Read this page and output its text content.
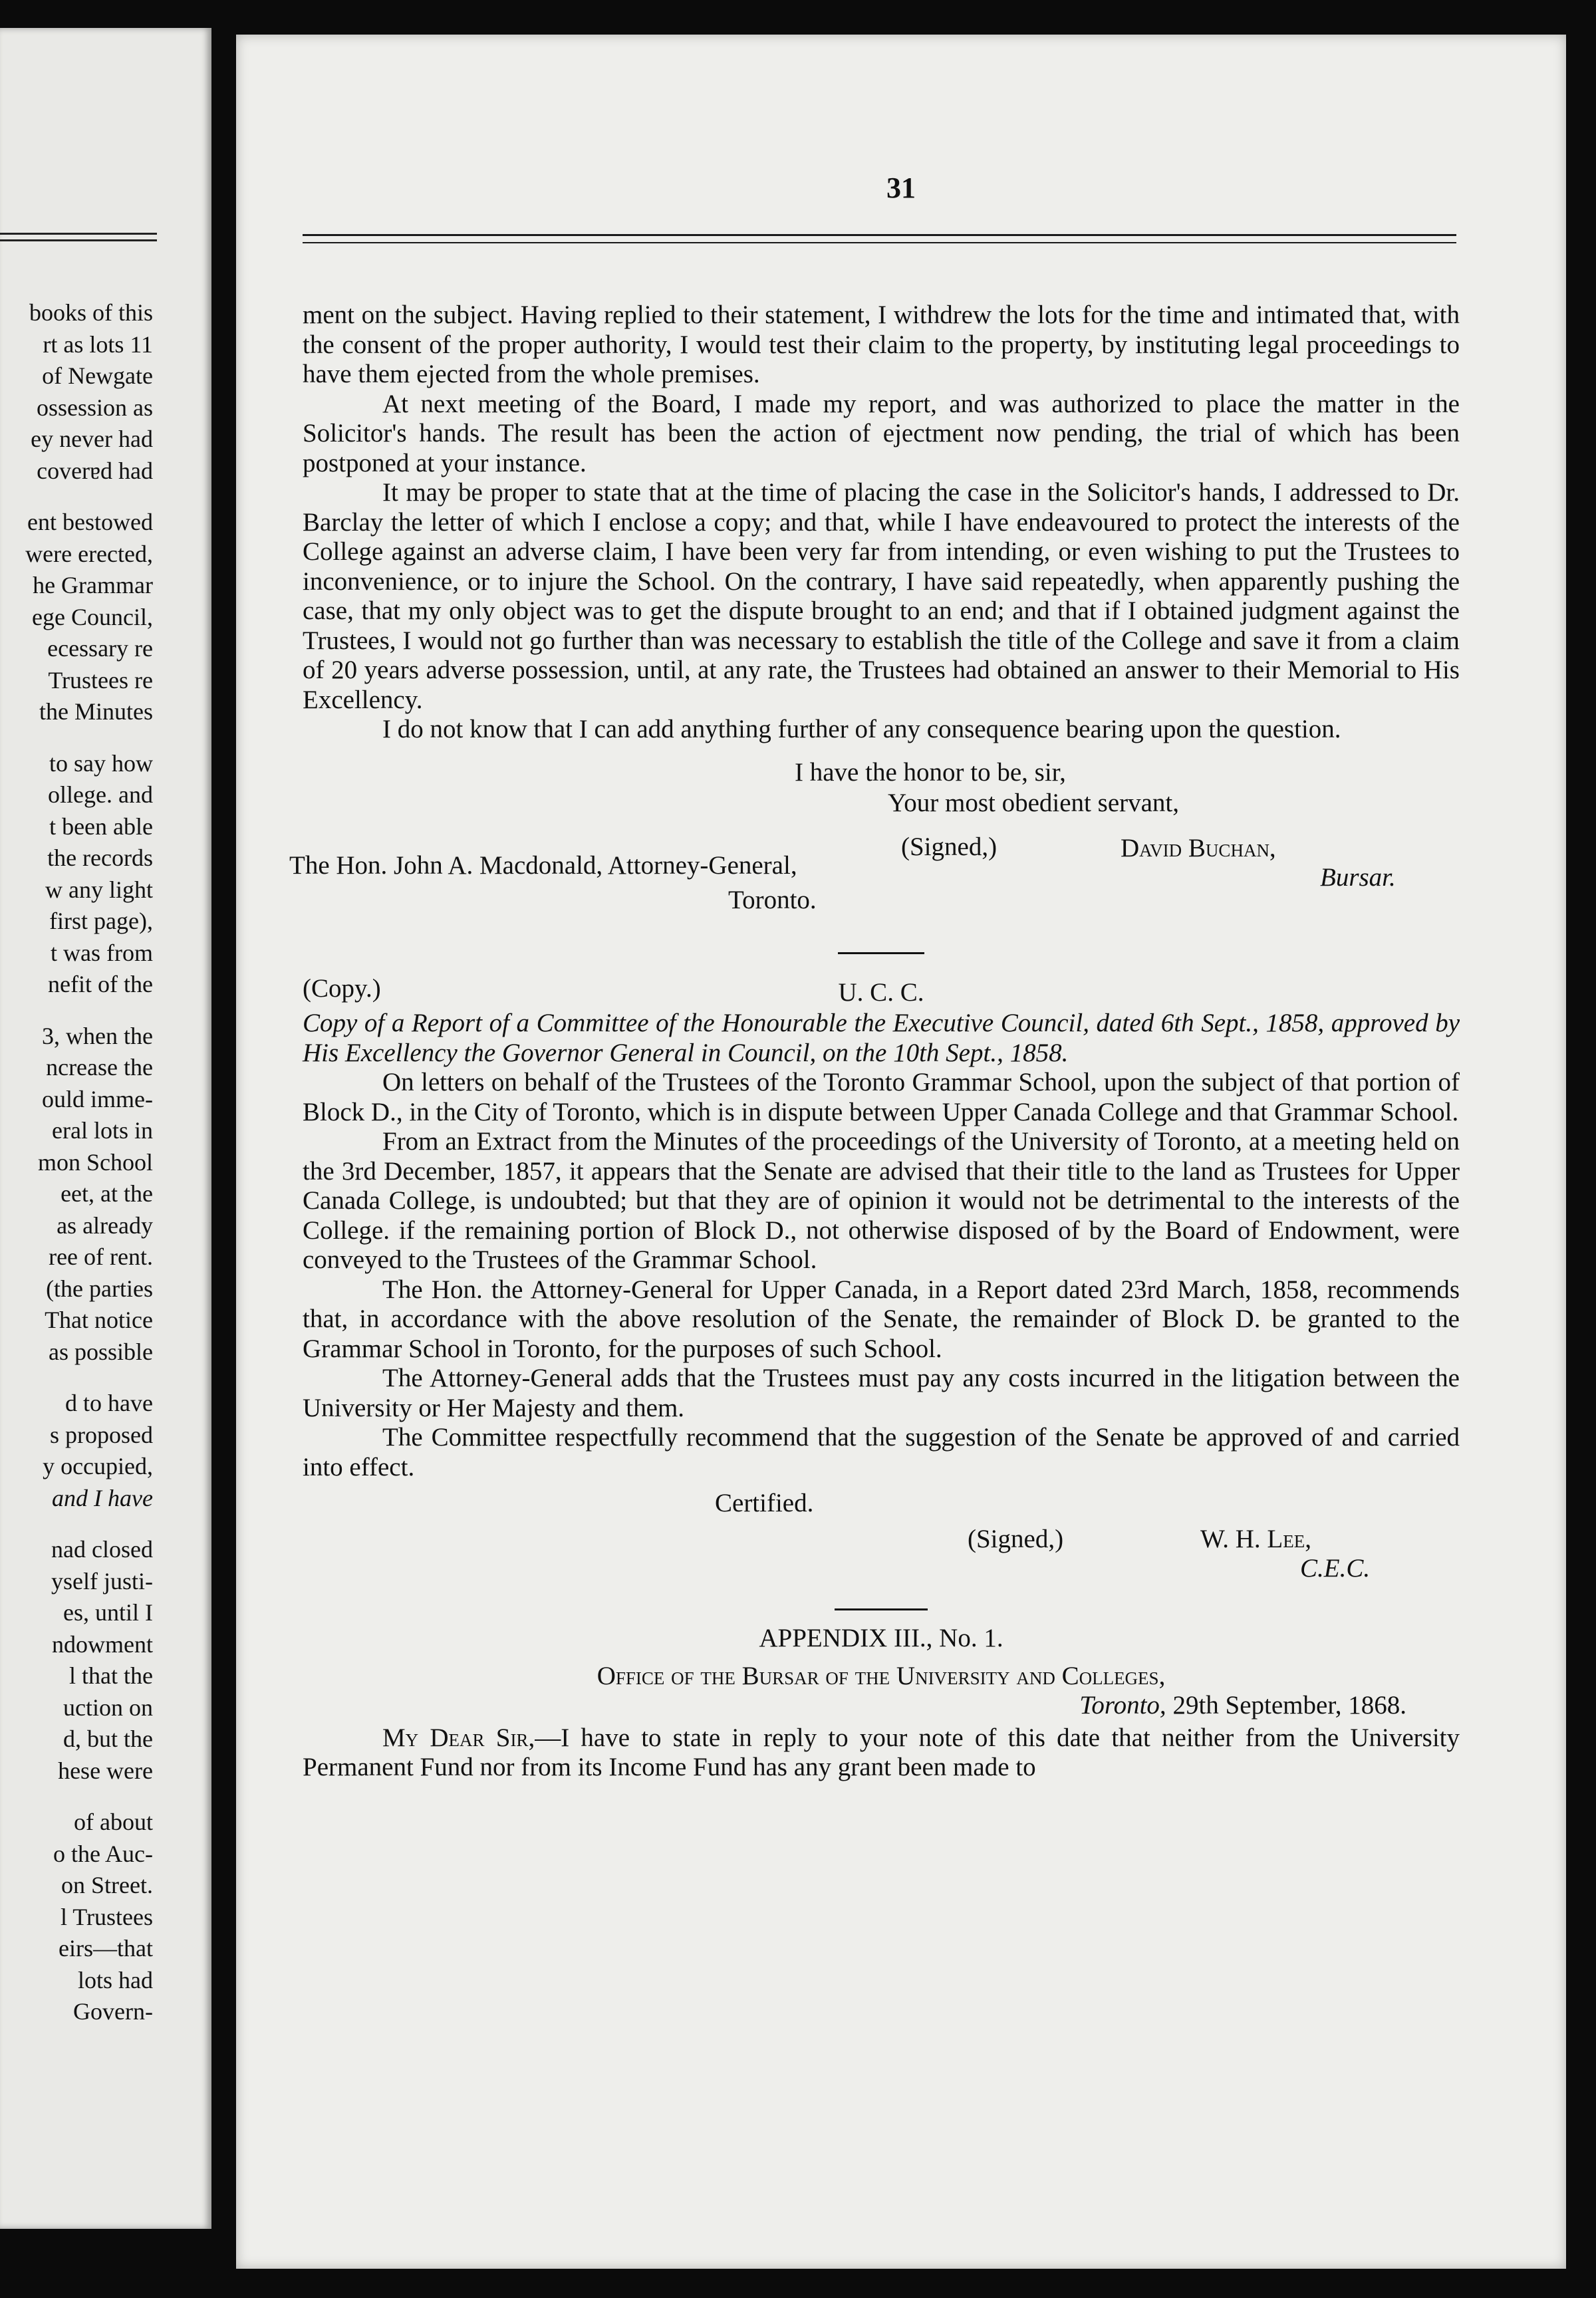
books of this
rt as lots 11
of Newgate
ossession as
ey never had
coverɐd had
ent bestowed
were erected,
he Grammar
ege Council,
ecessary re
Trustees re
the Minutes
to say how
ollege. and
t been able
the records
w any light
first page),
t was from
nefit of the
3, when the
ncrease the
ould imme-
eral lots in
mon School
eet, at the
as already
ree of rent.
(the parties
That notice
as possible
d to have
s proposed
y occupied,
and I have
nad closed
yself justi-
es, until I
ndowment
l that the
uction on
d, but the
hese were
of about
o the Auc-
on Street.
l Trustees
eirs—that
lots had
Govern-
31

ment on the subject. Having replied to their statement, I withdrew the lots for the time and intimated that, with the consent of the proper authority, I would test their claim to the property, by instituting legal proceedings to have them ejected from the whole premises.

At next meeting of the Board, I made my report, and was authorized to place the matter in the Solicitor's hands. The result has been the action of ejectment now pending, the trial of which has been postponed at your instance.

It may be proper to state that at the time of placing the case in the Solicitor's hands, I addressed to Dr. Barclay the letter of which I enclose a copy; and that, while I have endeavoured to protect the interests of the College against an adverse claim, I have been very far from intending, or even wishing to put the Trustees to inconvenience, or to injure the School. On the contrary, I have said repeatedly, when apparently pushing the case, that my only object was to get the dispute brought to an end; and that if I obtained judgment against the Trustees, I would not go further than was necessary to establish the title of the College and save it from a claim of 20 years adverse possession, until, at any rate, the Trustees had obtained an answer to their Memorial to His Excellency.

I do not know that I can add anything further of any consequence bearing upon the question.

I have the honor to be, sir,
Your most obedient servant,
(Signed,)	David Buchan,
Bursar.
The Hon. John A. Macdonald, Attorney-General,
Toronto.
(Copy.)	U. C. C.

Copy of a Report of a Committee of the Honourable the Executive Council, dated 6th Sept., 1858, approved by His Excellency the Governor General in Council, on the 10th Sept., 1858.

On letters on behalf of the Trustees of the Toronto Grammar School, upon the subject of that portion of Block D., in the City of Toronto, which is in dispute between Upper Canada College and that Grammar School.

From an Extract from the Minutes of the proceedings of the University of Toronto, at a meeting held on the 3rd December, 1857, it appears that the Senate are advised that their title to the land as Trustees for Upper Canada College, is undoubted; but that they are of opinion it would not be detrimental to the interests of the College. if the remaining portion of Block D., not otherwise disposed of by the Board of Endowment, were conveyed to the Trustees of the Grammar School.

The Hon. the Attorney-General for Upper Canada, in a Report dated 23rd March, 1858, recommends that, in accordance with the above resolution of the Senate, the remainder of Block D. be granted to the Grammar School in Toronto, for the purposes of such School.

The Attorney-General adds that the Trustees must pay any costs incurred in the litigation between the University or Her Majesty and them.

The Committee respectfully recommend that the suggestion of the Senate be approved of and carried into effect.

Certified.
(Signed,)	W. H. Lee,
C.E.C.
APPENDIX III., No. 1.
Office of the Bursar of the University and Colleges,
Toronto, 29th September, 1868.

My Dear Sir,—I have to state in reply to your note of this date that neither from the University Permanent Fund nor from its Income Fund has any grant been made to
